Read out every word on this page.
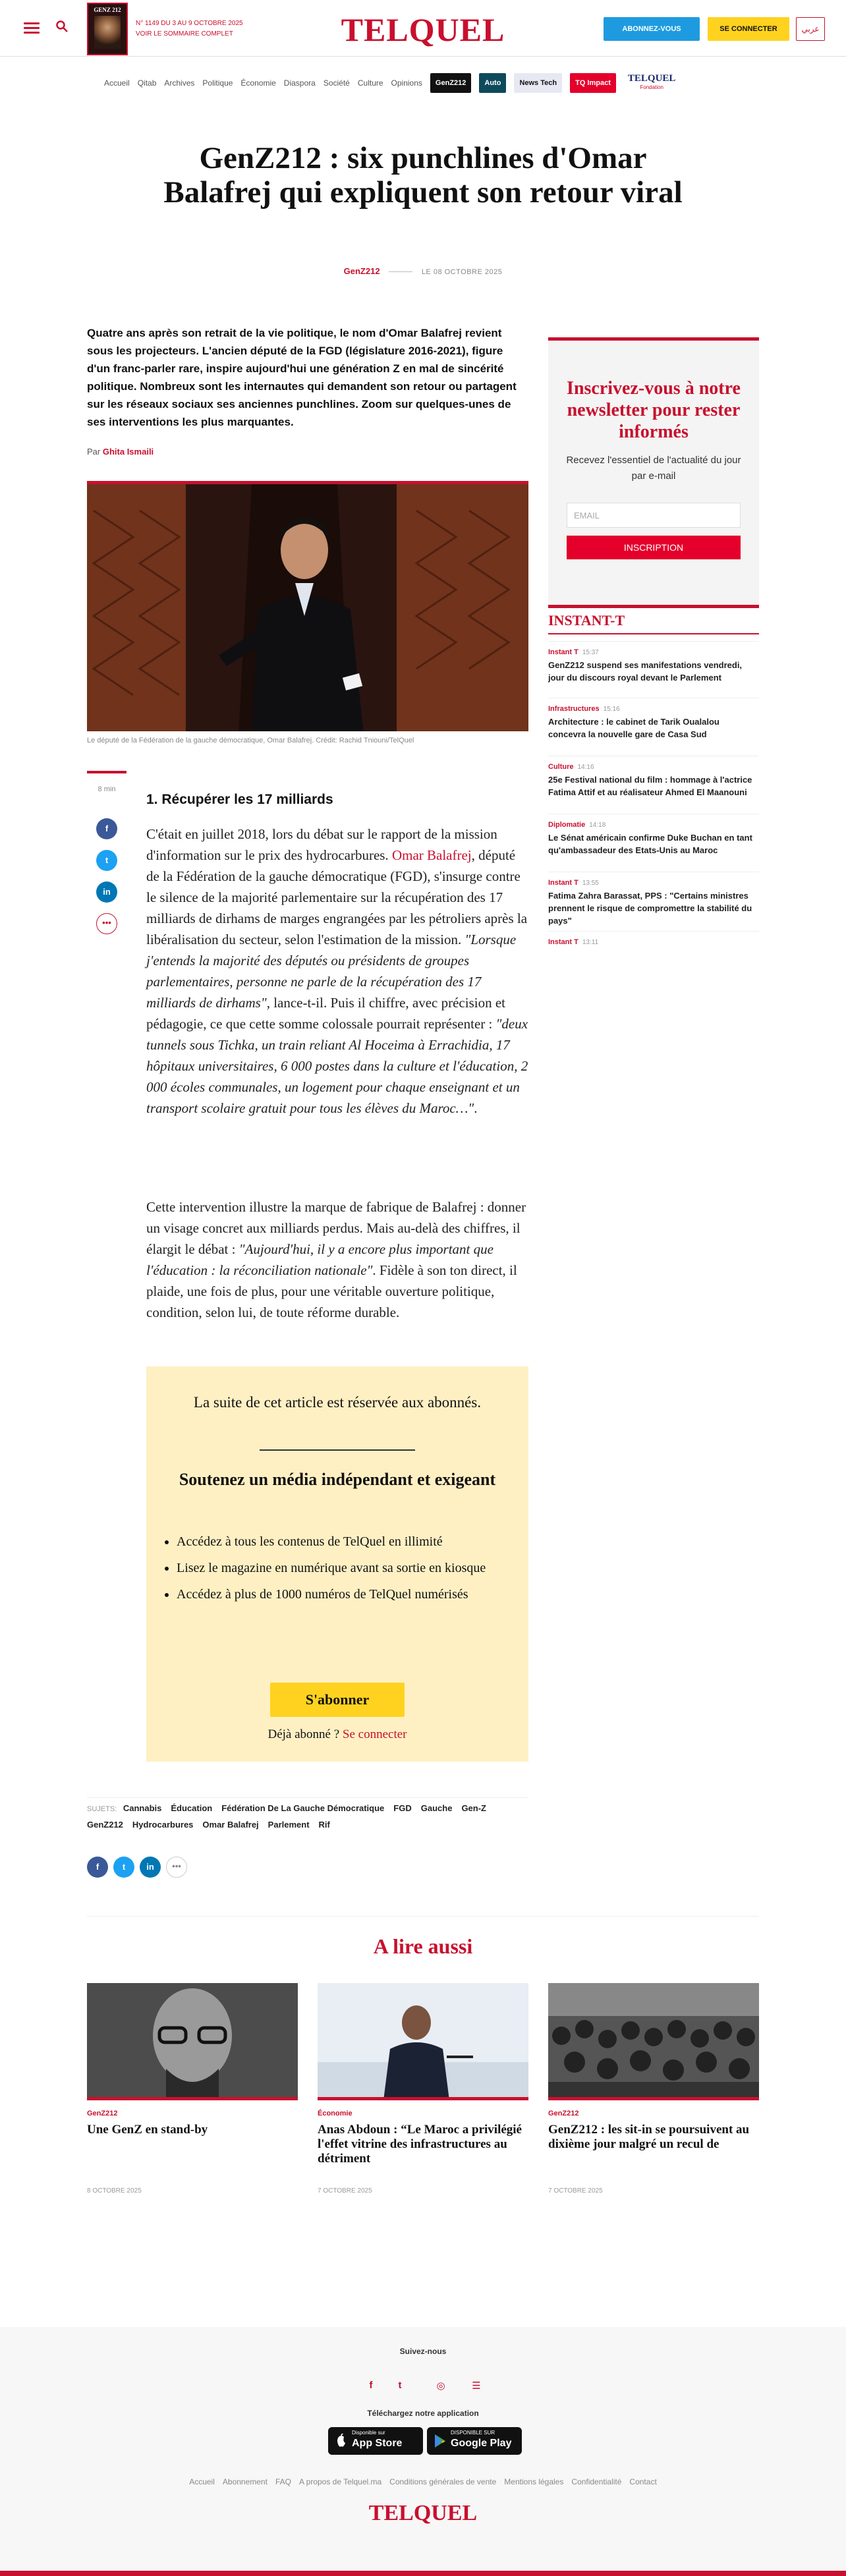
GENZ 212
N° 1149 DU 3 AU 9 OCTOBRE 2025
VOIR LE SOMMAIRE COMPLET	TELQUEL	ABONNEZ-VOUS	SE CONNECTER	عربي
Accueil Qitab Archives Politique Économie Diaspora Société Culture Opinions	GenZ212	Auto	News Tech	TQ Impact	TELQUEL
Fondation
GenZ212 : six punchlines d'Omar Balafrej qui expliquent son retour viral
GenZ212	LE 08 OCTOBRE 2025
Quatre ans après son retrait de la vie politique, le nom d'Omar Balafrej revient sous les projecteurs. L'ancien député de la FGD (législature 2016-2021), figure d'un franc-parler rare, inspire aujourd'hui une génération Z en mal de sincérité politique. Nombreux sont les internautes qui demandent son retour ou partagent sur les réseaux sociaux ses anciennes punchlines. Zoom sur quelques-unes de ses interventions les plus marquantes.
Par Ghita Ismaili
Le député de la Fédération de la gauche démocratique, Omar Balafrej. Crédit: Rachid Tniouni/TelQuel
8 min
f
t
in
•••
1. Récupérer les 17 milliards
C'était en juillet 2018, lors du débat sur le rapport de la mission d'information sur le prix des hydrocarbures. Omar Balafrej, député de la Fédération de la gauche démocratique (FGD), s'insurge contre le silence de la majorité parlementaire sur la récupération des 17 milliards de dirhams de marges engrangées par les pétroliers après la libéralisation du secteur, selon l'estimation de la mission. "Lorsque j'entends la majorité des députés ou présidents de groupes parlementaires, personne ne parle de la récupération des 17 milliards de dirhams", lance-t-il. Puis il chiffre, avec précision et pédagogie, ce que cette somme colossale pourrait représenter : "deux tunnels sous Tichka, un train reliant Al Hoceima à Errachidia, 17 hôpitaux universitaires, 6 000 postes dans la culture et l'éducation, 2 000 écoles communales, un logement pour chaque enseignant et un transport scolaire gratuit pour tous les élèves du Maroc…".
Cette intervention illustre la marque de fabrique de Balafrej : donner un visage concret aux milliards perdus. Mais au-delà des chiffres, il élargit le débat : "Aujourd'hui, il y a encore plus important que l'éducation : la réconciliation nationale". Fidèle à son ton direct, il plaide, une fois de plus, pour une véritable ouverture politique, condition, selon lui, de toute réforme durable.
La suite de cet article est réservée aux abonnés.
Soutenez un média indépendant et exigeant
• Accédez à tous les contenus de TelQuel en illimité
• Lisez le magazine en numérique avant sa sortie en kiosque
• Accédez à plus de 1000 numéros de TelQuel numérisés
S'abonner
Déjà abonné ? Se connecter
SUJETS: Cannabis Éducation Fédération De La Gauche Démocratique FGD Gauche Gen-ZGenZ212 Hydrocarbures Omar Balafrej Parlement Rif
f	t	in	•••
Inscrivez-vous à notre newsletter pour rester informés
Recevez l'essentiel de l'actualité du jour par e-mail
EMAIL
INSCRIPTION
INSTANT-T
Instant T 15:37
GenZ212 suspend ses manifestations vendredi, jour du discours royal devant le Parlement
Infrastructures 15:16
Architecture : le cabinet de Tarik Oualalou concevra la nouvelle gare de Casa Sud
Culture 14:16
25e Festival national du film : hommage à l'actrice Fatima Attif et au réalisateur Ahmed El Maanouni
Diplomatie 14:18
Le Sénat américain confirme Duke Buchan en tant qu'ambassadeur des Etats-Unis au Maroc
Instant T 13:55
Fatima Zahra Barassat, PPS : "Certains ministres prennent le risque de compromettre la stabilité du pays"
Instant T 13:11
A lire aussi
GenZ212
Une GenZ en stand-by
8 OCTOBRE 2025
Économie
Anas Abdoun : “Le Maroc a privilégié l'effet vitrine des infrastructures au détriment
7 OCTOBRE 2025
GenZ212
GenZ212 : les sit-in se poursuivent au dixième jour malgré un recul de
7 OCTOBRE 2025
Suivez-nous
f	t	◎	☰
Téléchargez notre application
Disponible sur
App Store
DISPONIBLE SUR
Google Play
Accueil Abonnement FAQ A propos de Telquel.ma Conditions générales de vente Mentions légales Confidentialité Contact
TELQUEL
